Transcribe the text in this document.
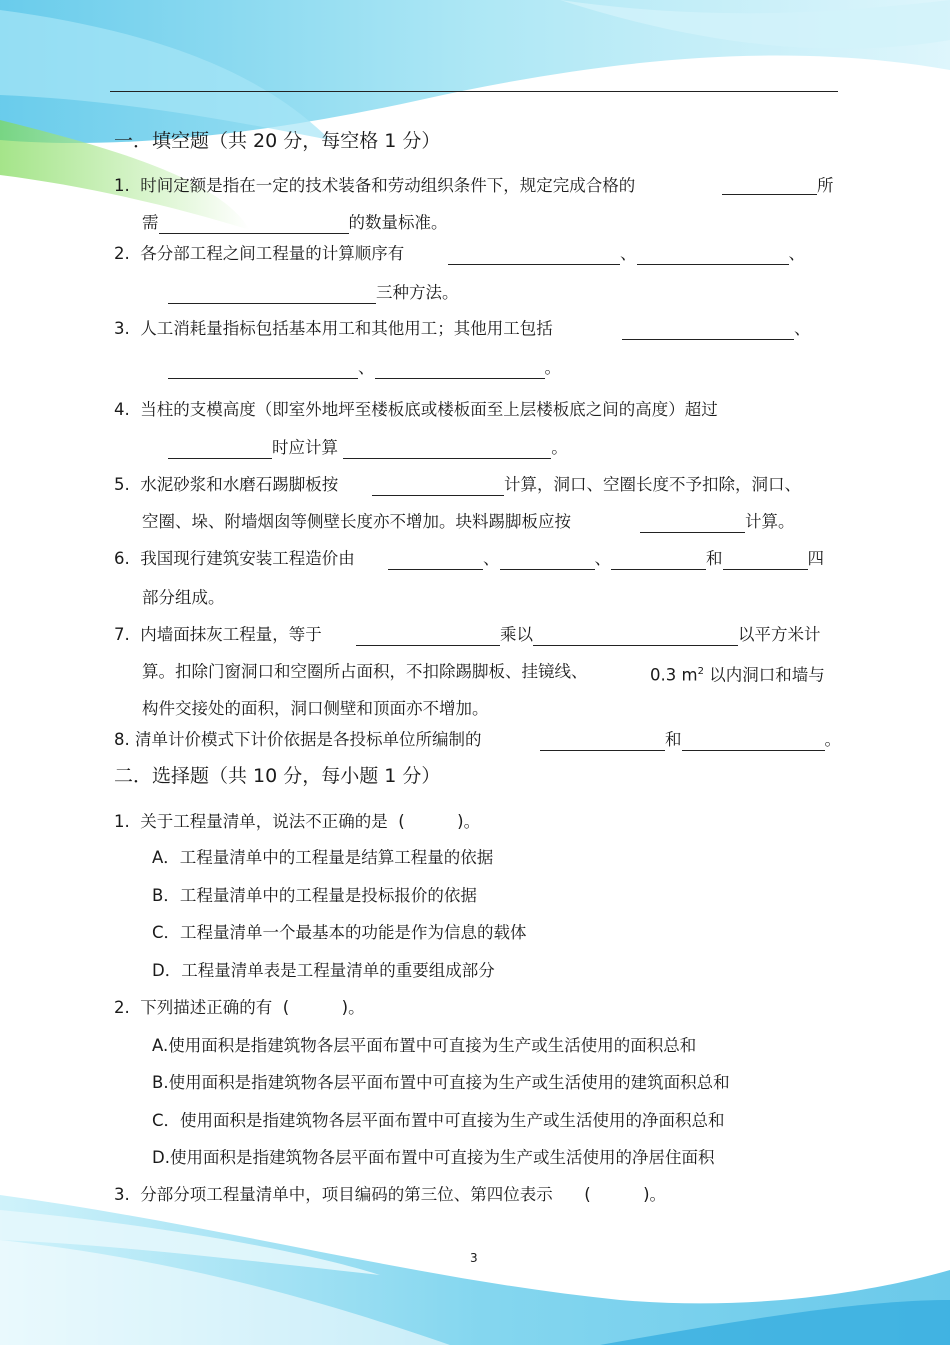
一．填空题（共 20 分，每空格 1 分）
1. 时间定额是指在一定的技术装备和劳动组织条件下，规定完成合格的	所
需	的数量标准。
2. 各分部工程之间工程量的计算顺序有	、	、
三种方法。
3. 人工消耗量指标包括基本用工和其他用工；其他用工包括	、
、	。
4. 当柱的支模高度（即室外地坪至楼板底或楼板面至上层楼板底之间的高度）超过
时应计算	。
5. 水泥砂浆和水磨石踢脚板按	计算，洞口、空圈长度不予扣除，洞口、
空圈、垛、附墙烟囱等侧壁长度亦不增加。块料踢脚板应按	计算。
6. 我国现行建筑安装工程造价由	、	、	和	四
部分组成。
7. 内墙面抹灰工程量，等于	乘以	以平方米计
算。扣除门窗洞口和空圈所占面积，不扣除踢脚板、挂镜线、	0.3 $m^2$ 以内洞口和墙与
构件交接处的面积，洞口侧壁和顶面亦不增加。
8. 清单计价模式下计价依据是各投标单位所编制的	和	。
二．选择题（共 10 分，每小题 1 分）
1. 关于工程量清单，说法不正确的是  (          )。
A．工程量清单中的工程量是结算工程量的依据
B．工程量清单中的工程量是投标报价的依据
C．工程量清单一个最基本的功能是作为信息的载体
D．工程量清单表是工程量清单的重要组成部分
2. 下列描述正确的有  (          )。
A.使用面积是指建筑物各层平面布置中可直接为生产或生活使用的面积总和
B.使用面积是指建筑物各层平面布置中可直接为生产或生活使用的建筑面积总和
C．使用面积是指建筑物各层平面布置中可直接为生产或生活使用的净面积总和
D.使用面积是指建筑物各层平面布置中可直接为生产或生活使用的净居住面积
3. 分部分项工程量清单中，项目编码的第三位、第四位表示      (          )。
3
